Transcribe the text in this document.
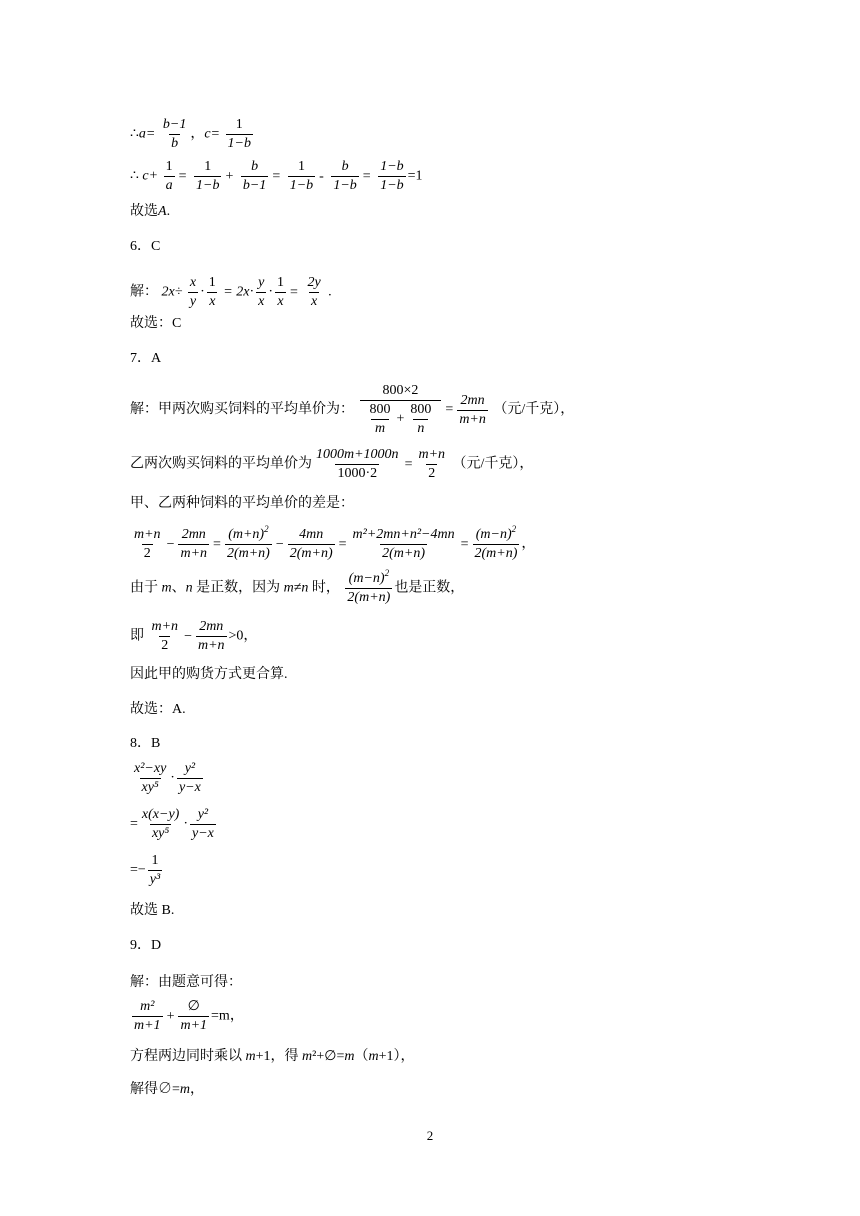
∴a= $\frac{b-1}{b}$ ，$c= \frac{1}{1-b}$
∴ $c+ \frac{1}{a} = \frac{1}{1-b} + \frac{b}{b-1} = \frac{1}{1-b} - \frac{b}{1-b} = \frac{1-b}{1-b} =1$
故选A.
6．C
解： $2x\div \frac{x}{y} \cdot \frac{1}{x} = 2x\cdot \frac{y}{x} \cdot \frac{1}{x} = \frac{2y}{x}$ .
故选：C
7．A
解：甲两次购买饲料的平均单价为： $\frac{800\times 2}{\frac{800}{m} + \frac{800}{n}} = \frac{2mn}{m+n}$ （元/千克），
乙两次购买饲料的平均单价为 $\frac{1000m+1000n}{1000\cdot 2} = \frac{m+n}{2}$ （元/千克），
甲、乙两种饲料的平均单价的差是：
$\frac{m+n}{2} - \frac{2mn}{m+n} = \frac{(m+n)^2}{2(m+n)} - \frac{4mn}{2(m+n)} = \frac{\text{m²+2mn+n²−4mn}}{2(m+n)} = \frac{(m-n)^2}{2(m+n)}$ ，
由于 m、n 是正数，因为 m≠n 时， $\frac{(m-n)^2}{2(m+n)}$ 也是正数，
即 $\frac{m+n}{2} - \frac{2mn}{m+n} >0$，
因此甲的购货方式更合算.
故选：A.
8．B
$\frac{\text{x²−xy}}{\text{xy⁵}} \cdot \frac{\text{y²}}{y-x}$
= $\frac{x(x-y)}{\text{xy⁵}} \cdot \frac{\text{y²}}{y-x}$
=− $\frac{1}{\text{y³}}$
故选 B.
9．D
解：由题意可得：
$\frac{\text{m²}}{m+1} + \frac{\emptyset}{m+1} =m$，
方程两边同时乘以 m+1，得 m²+∅=m（m+1），
解得∅=m，
2
